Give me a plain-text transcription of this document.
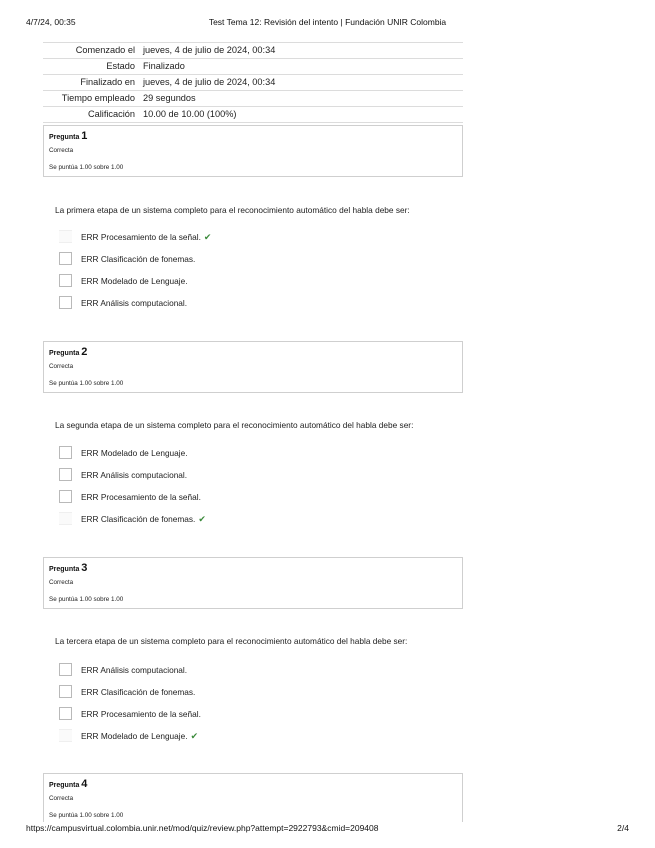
4/7/24, 00:35	Test Tema 12: Revisión del intento | Fundación UNIR Colombia
Comenzado el	jueves, 4 de julio de 2024, 00:34
Estado	Finalizado
Finalizado en	jueves, 4 de julio de 2024, 00:34
Tiempo empleado	29 segundos
Calificación	10.00 de 10.00 (100%)
Pregunta 1
Correcta
Se puntúa 1.00 sobre 1.00
La primera etapa de un sistema completo para el reconocimiento automático del habla debe ser:
ERR Procesamiento de la señal. ✔
ERR Clasificación de fonemas.
ERR Modelado de Lenguaje.
ERR Análisis computacional.
Pregunta 2
Correcta
Se puntúa 1.00 sobre 1.00
La segunda etapa de un sistema completo para el reconocimiento automático del habla debe ser:
ERR Modelado de Lenguaje.
ERR Análisis computacional.
ERR Procesamiento de la señal.
ERR Clasificación de fonemas. ✔
Pregunta 3
Correcta
Se puntúa 1.00 sobre 1.00
La tercera etapa de un sistema completo para el reconocimiento automático del habla debe ser:
ERR Análisis computacional.
ERR Clasificación de fonemas.
ERR Procesamiento de la señal.
ERR Modelado de Lenguaje. ✔
Pregunta 4
Correcta
Se puntúa 1.00 sobre 1.00
https://campusvirtual.colombia.unir.net/mod/quiz/review.php?attempt=2922793&cmid=209408	2/4
